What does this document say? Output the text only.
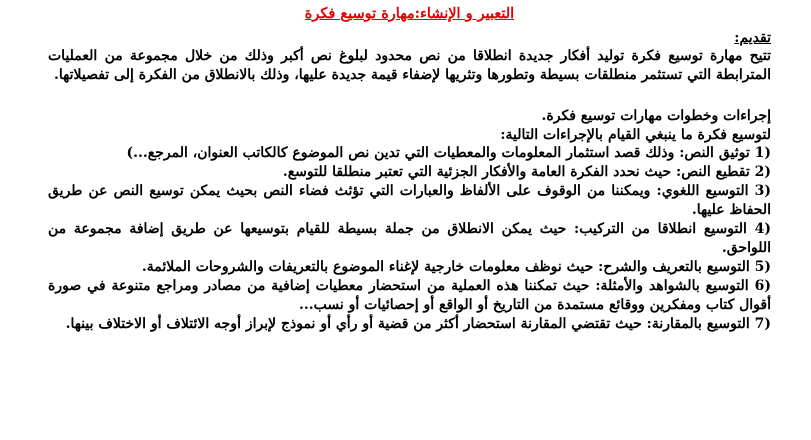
التعبير و الإنشاء:مهارة توسيع فكرة
تقديم:

تتيح مهارة توسيع فكرة توليد أفكار جديدة انطلاقا من نص محدود لبلوغ نص أكبر وذلك من خلال مجموعة من العمليات المترابطة التي تستثمر منطلقات بسيطة وتطورها وتثريها لإضفاء قيمة جديدة عليها، وذلك بالانطلاق من الفكرة إلى تفصيلاتها.

إجراءات وخطوات مهارات توسيع فكرة.

لتوسيع فكرة ما ينبغي القيام بالإجراءات التالية:

1) توثيق النص: وذلك قصد استثمار المعلومات والمعطيات التي تدين نص الموضوع كالكاتب العنوان، المرجع...)
2) تقطيع النص: حيث نحدد الفكرة العامة والأفكار الجزئية التي تعتبر منطلقا للتوسع.
3) التوسيع اللغوي: ويمكننا من الوقوف على الألفاظ والعبارات التي تؤثث فضاء النص بحيث يمكن توسيع النص عن طريق الحفاظ عليها.
4) التوسيع انطلاقا من التركيب: حيث يمكن الانطلاق من جملة بسيطة للقيام بتوسيعها عن طريق إضافة مجموعة من اللواحق.
5) التوسيع بالتعريف والشرح: حيث نوظف معلومات خارجية لإغناء الموضوع بالتعريفات والشروحات الملائمة.
6) التوسيع بالشواهد والأمثلة: حيث تمكننا هذه العملية من استحضار معطيات إضافية من مصادر ومراجع متنوعة في صورة أقوال كتاب ومفكرين ووقائع مستمدة من التاريخ أو الواقع أو إحصائيات أو نسب...
7) التوسيع بالمقارنة: حيث تقتضي المقارنة استحضار أكثر من قضية أو رأي أو نموذج لإبراز أوجه الائتلاف أو الاختلاف بينها.
